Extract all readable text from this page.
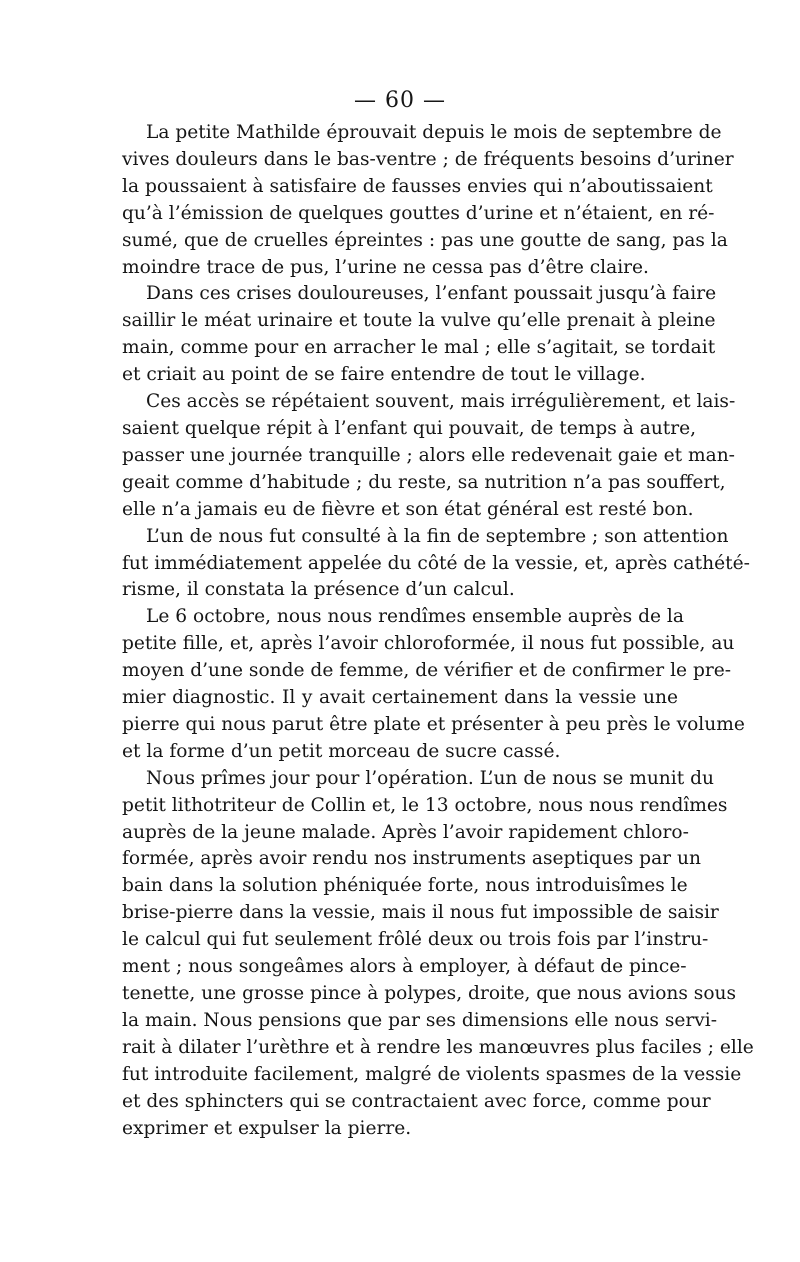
— 60 —
La petite Mathilde éprouvait depuis le mois de septembre de
vives douleurs dans le bas-ventre ; de fréquents besoins d’uriner
la poussaient à satisfaire de fausses envies qui n’aboutissaient
qu’à l’émission de quelques gouttes d’urine et n’étaient, en ré-
sumé, que de cruelles épreintes : pas une goutte de sang, pas la
moindre trace de pus, l’urine ne cessa pas d’être claire.
Dans ces crises douloureuses, l’enfant poussait jusqu’à faire
saillir le méat urinaire et toute la vulve qu’elle prenait à pleine
main, comme pour en arracher le mal ; elle s’agitait, se tordait
et criait au point de se faire entendre de tout le village.
Ces accès se répétaient souvent, mais irrégulièrement, et lais-
saient quelque répit à l’enfant qui pouvait, de temps à autre,
passer une journée tranquille ; alors elle redevenait gaie et man-
geait comme d’habitude ; du reste, sa nutrition n’a pas souffert,
elle n’a jamais eu de fièvre et son état général est resté bon.
L’un de nous fut consulté à la fin de septembre ; son attention
fut immédiatement appelée du côté de la vessie, et, après cathété-
risme, il constata la présence d’un calcul.
Le 6 octobre, nous nous rendîmes ensemble auprès de la
petite fille, et, après l’avoir chloroformée, il nous fut possible, au
moyen d’une sonde de femme, de vérifier et de confirmer le pre-
mier diagnostic. Il y avait certainement dans la vessie une
pierre qui nous parut être plate et présenter à peu près le volume
et la forme d’un petit morceau de sucre cassé.
Nous prîmes jour pour l’opération. L’un de nous se munit du
petit lithotriteur de Collin et, le 13 octobre, nous nous rendîmes
auprès de la jeune malade. Après l’avoir rapidement chloro-
formée, après avoir rendu nos instruments aseptiques par un
bain dans la solution phéniquée forte, nous introduisîmes le
brise-pierre dans la vessie, mais il nous fut impossible de saisir
le calcul qui fut seulement frôlé deux ou trois fois par l’instru-
ment ; nous songeâmes alors à employer, à défaut de pince-
tenette, une grosse pince à polypes, droite, que nous avions sous
la main. Nous pensions que par ses dimensions elle nous servi-
rait à dilater l’urèthre et à rendre les manœuvres plus faciles ; elle
fut introduite facilement, malgré de violents spasmes de la vessie
et des sphincters qui se contractaient avec force, comme pour
exprimer et expulser la pierre.
